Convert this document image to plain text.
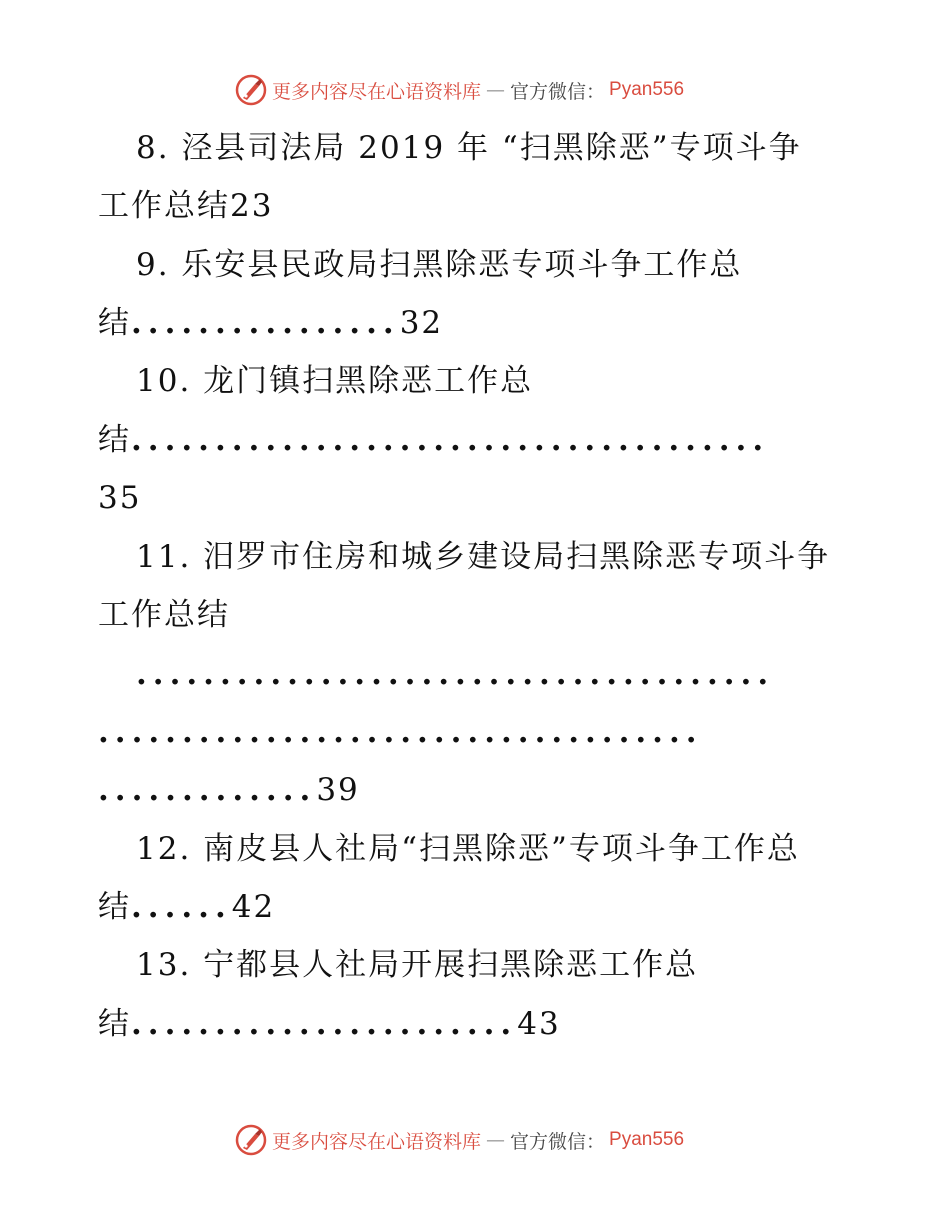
更多内容尽在心语资料库 — 官方微信： Pyan556
8. 泾县司法局 2019 年 “扫黑除恶”专项斗争
工作总结23
9. 乐安县民政局扫黑除恶专项斗争工作总
结................32
10. 龙门镇扫黑除恶工作总
结......................................
35
11. 汨罗市住房和城乡建设局扫黑除恶专项斗争
工作总结
......................................
....................................
.............39
12. 南皮县人社局“扫黑除恶”专项斗争工作总
结......42
13. 宁都县人社局开展扫黑除恶工作总
结.......................43
更多内容尽在心语资料库 — 官方微信： Pyan556
